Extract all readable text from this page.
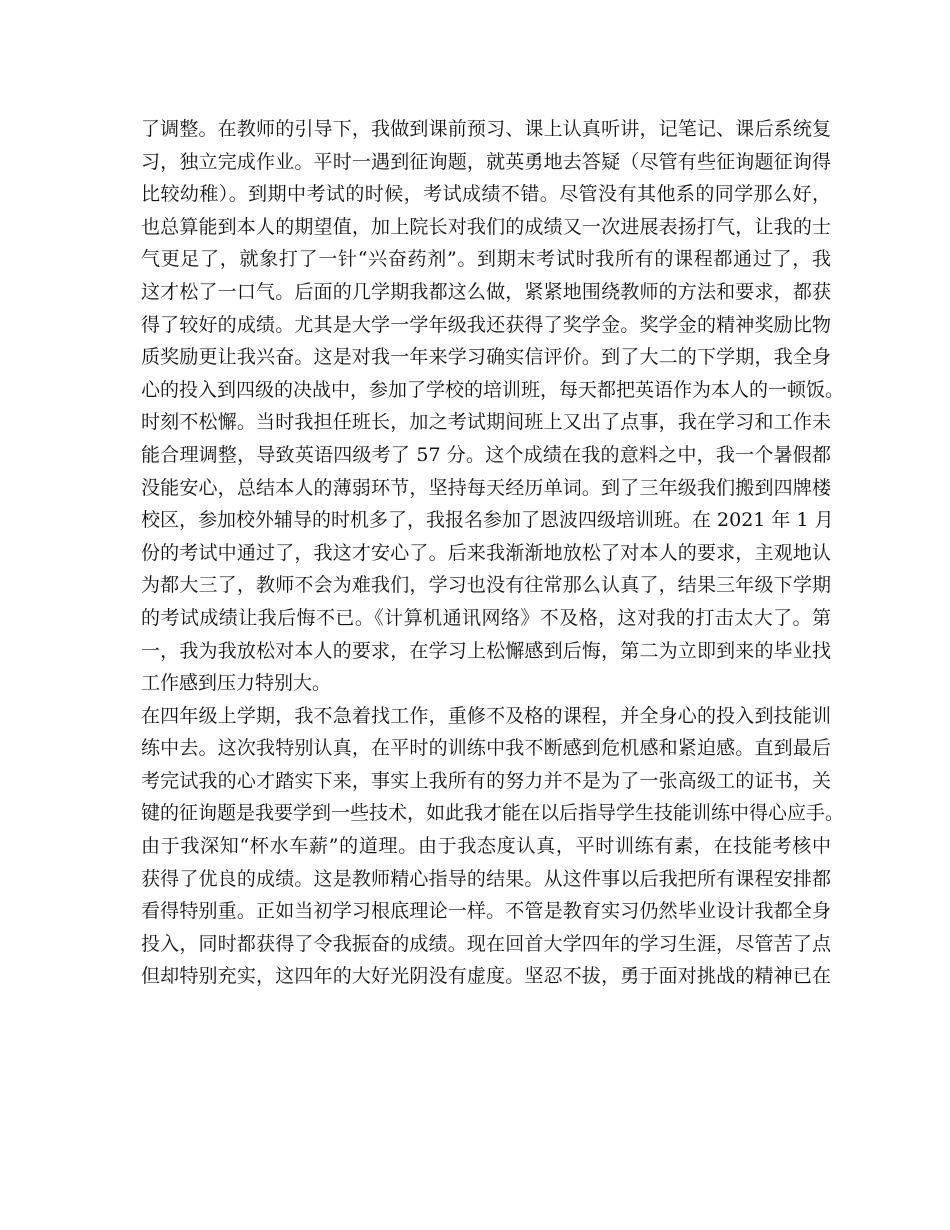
了调整。在教师的引导下，我做到课前预习、课上认真听讲，记笔记、课后系统复
习，独立完成作业。平时一遇到征询题，就英勇地去答疑（尽管有些征询题征询得
比较幼稚）。到期中考试的时候，考试成绩不错。尽管没有其他系的同学那么好，
也总算能到本人的期望值，加上院长对我们的成绩又一次进展表扬打气，让我的士
气更足了，就象打了一针“兴奋药剂”。到期末考试时我所有的课程都通过了，我
这才松了一口气。后面的几学期我都这么做，紧紧地围绕教师的方法和要求，都获
得了较好的成绩。尤其是大学一学年级我还获得了奖学金。奖学金的精神奖励比物
质奖励更让我兴奋。这是对我一年来学习确实信评价。到了大二的下学期，我全身
心的投入到四级的决战中，参加了学校的培训班，每天都把英语作为本人的一顿饭。
时刻不松懈。当时我担任班长，加之考试期间班上又出了点事，我在学习和工作未
能合理调整，导致英语四级考了 57 分。这个成绩在我的意料之中，我一个暑假都
没能安心，总结本人的薄弱环节，坚持每天经历单词。到了三年级我们搬到四牌楼
校区，参加校外辅导的时机多了，我报名参加了恩波四级培训班。在 2021 年 1 月
份的考试中通过了，我这才安心了。后来我渐渐地放松了对本人的要求，主观地认
为都大三了，教师不会为难我们，学习也没有往常那么认真了，结果三年级下学期
的考试成绩让我后悔不已。《计算机通讯网络》不及格，这对我的打击太大了。第
一，我为我放松对本人的要求，在学习上松懈感到后悔，第二为立即到来的毕业找
工作感到压力特别大。
在四年级上学期，我不急着找工作，重修不及格的课程，并全身心的投入到技能训
练中去。这次我特别认真，在平时的训练中我不断感到危机感和紧迫感。直到最后
考完试我的心才踏实下来，事实上我所有的努力并不是为了一张高级工的证书，关
键的征询题是我要学到一些技术，如此我才能在以后指导学生技能训练中得心应手。
由于我深知“杯水车薪”的道理。由于我态度认真，平时训练有素，在技能考核中
获得了优良的成绩。这是教师精心指导的结果。从这件事以后我把所有课程安排都
看得特别重。正如当初学习根底理论一样。不管是教育实习仍然毕业设计我都全身
投入，同时都获得了令我振奋的成绩。现在回首大学四年的学习生涯，尽管苦了点
但却特别充实，这四年的大好光阴没有虚度。坚忍不拔，勇于面对挑战的精神已在
